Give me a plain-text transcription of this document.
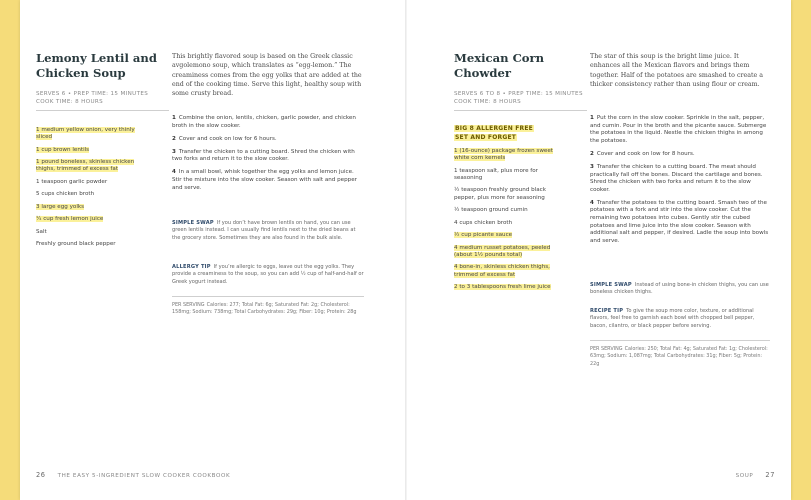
Lemony Lentil and
Chicken Soup
SERVES 6 • PREP TIME: 15 MINUTES
COOK TIME: 8 HOURS

This brightly flavored soup is based on the Greek classic avgolemono soup, which translates as “egg-lemon.” The creaminess comes from the egg yolks that are added at the end of the cooking time. Serve this light, healthy soup with some crusty bread.

1 medium yellow onion, very thinly sliced
1 cup brown lentils
1 pound boneless, skinless chicken thighs, trimmed of excess fat
1 teaspoon garlic powder
5 cups chicken broth
3 large egg yolks
¼ cup fresh lemon juice
Salt
Freshly ground black pepper
1 Combine the onion, lentils, chicken, garlic powder, and chicken broth in the slow cooker.
2 Cover and cook on low for 6 hours.
3 Transfer the chicken to a cutting board. Shred the chicken with two forks and return it to the slow cooker.
4 In a small bowl, whisk together the egg yolks and lemon juice. Stir the mixture into the slow cooker. Season with salt and pepper and serve.

SIMPLE SWAP If you don’t have brown lentils on hand, you can use green lentils instead. I can usually find lentils next to the dried beans at the grocery store. Sometimes they are also found in the bulk aisle.

ALLERGY TIP If you’re allergic to eggs, leave out the egg yolks. They provide a creaminess to the soup, so you can add ½ cup of half-and-half or Greek yogurt instead.

PER SERVING Calories: 277; Total Fat: 6g; Saturated Fat: 2g; Cholesterol: 158mg; Sodium: 738mg; Total Carbohydrates: 29g; Fiber: 10g; Protein: 28g

26 THE EASY 5-INGREDIENT SLOW COOKER COOKBOOK
Mexican Corn
Chowder
SERVES 6 TO 8 • PREP TIME: 15 MINUTES
COOK TIME: 8 HOURS

The star of this soup is the bright lime juice. It enhances all the Mexican flavors and brings them together. Half of the potatoes are smashed to create a thicker consistency rather than using flour or cream.

BIG 8 ALLERGEN FREE
SET AND FORGET
1 (16-ounce) package frozen sweet white corn kernels
1 teaspoon salt, plus more for seasoning
½ teaspoon freshly ground black pepper, plus more for seasoning
½ teaspoon ground cumin
4 cups chicken broth
½ cup picante sauce
4 medium russet potatoes, peeled (about 1½ pounds total)
4 bone-in, skinless chicken thighs, trimmed of excess fat
2 to 3 tablespoons fresh lime juice
1 Put the corn in the slow cooker. Sprinkle in the salt, pepper, and cumin. Pour in the broth and the picante sauce. Submerge the potatoes in the liquid. Nestle the chicken thighs in among the potatoes.
2 Cover and cook on low for 8 hours.
3 Transfer the chicken to a cutting board. The meat should practically fall off the bones. Discard the cartilage and bones. Shred the chicken with two forks and return it to the slow cooker.
4 Transfer the potatoes to the cutting board. Smash two of the potatoes with a fork and stir into the slow cooker. Cut the remaining two potatoes into cubes. Gently stir the cubed potatoes and lime juice into the slow cooker. Season with additional salt and pepper, if desired. Ladle the soup into bowls and serve.

SIMPLE SWAP Instead of using bone-in chicken thighs, you can use boneless chicken thighs.

RECIPE TIP To give the soup more color, texture, or additional flavors, feel free to garnish each bowl with chopped bell pepper, bacon, cilantro, or black pepper before serving.

PER SERVING Calories: 250; Total Fat: 4g; Saturated Fat: 1g; Cholesterol: 63mg; Sodium: 1,087mg; Total Carbohydrates: 31g; Fiber: 5g; Protein: 22g

SOUP 27
